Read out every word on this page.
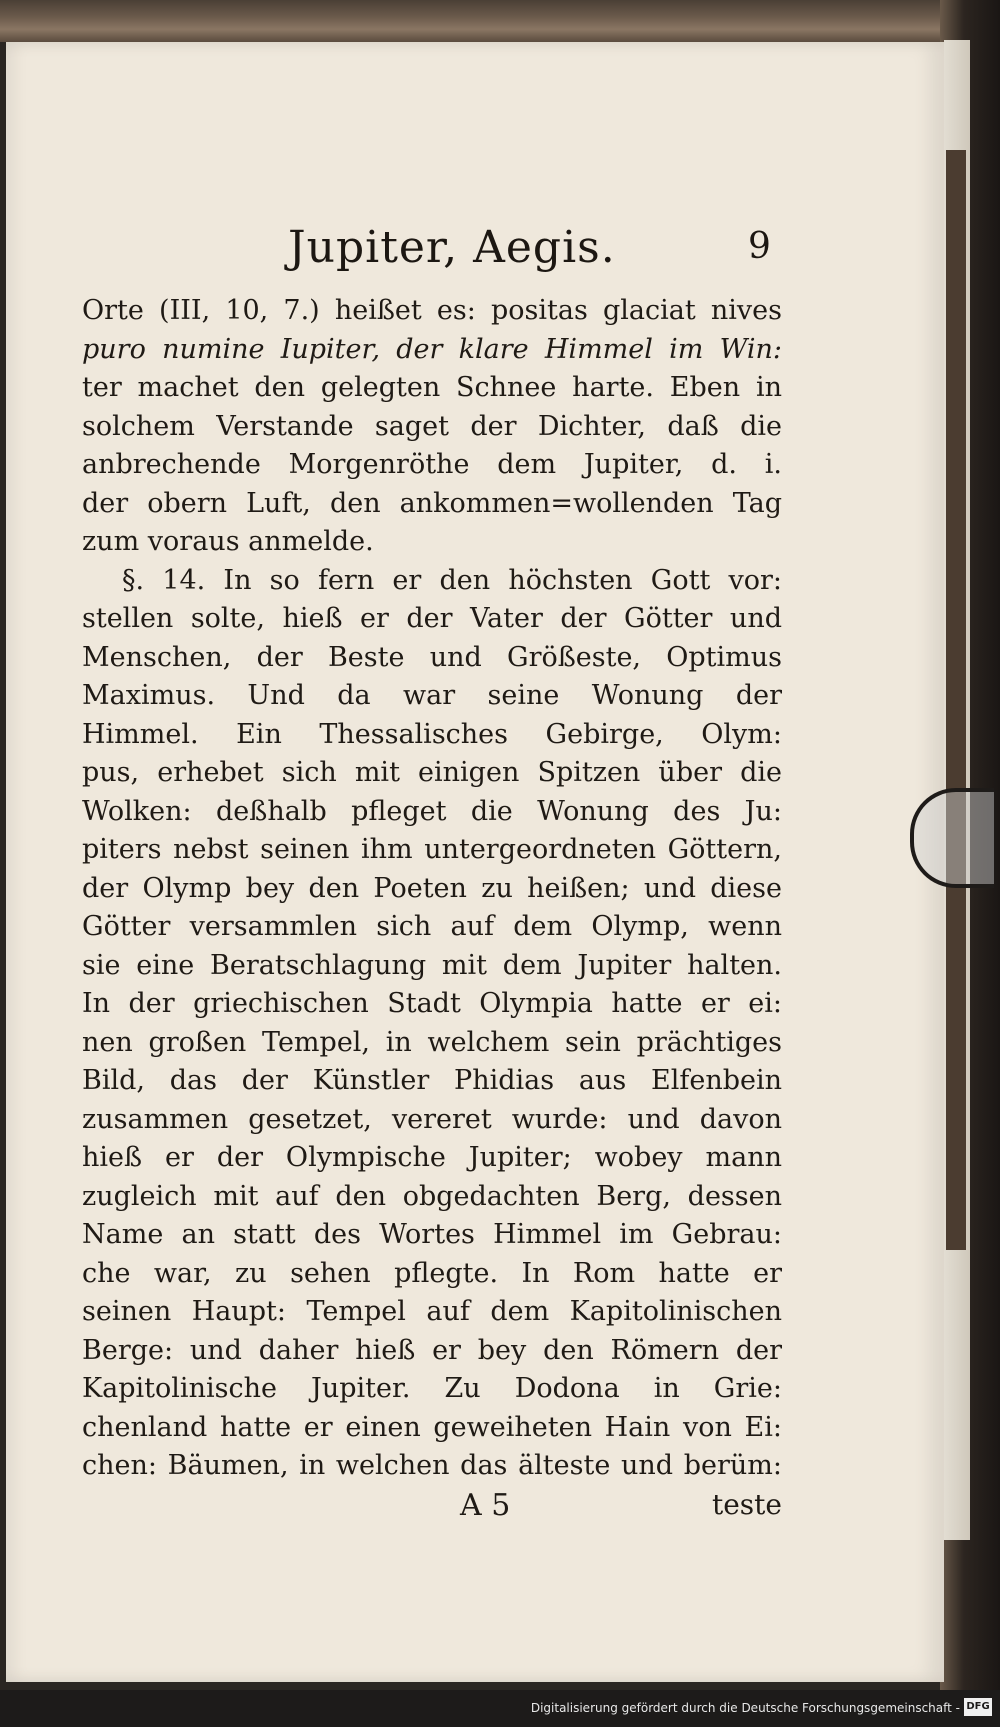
Jupiter, Aegis.	9
Orte (III, 10, 7.) heißet es: positas glaciat nives
puro numine Iupiter, der klare Himmel im Win:
ter machet den gelegten Schnee harte. Eben in
solchem Verstande saget der Dichter, daß die
anbrechende Morgenröthe dem Jupiter, d. i.
der obern Luft, den ankommen=wollenden Tag
zum voraus anmelde.
§. 14. In so fern er den höchsten Gott vor:
stellen solte, hieß er der Vater der Götter und
Menschen, der Beste und Größeste, Optimus
Maximus. Und da war seine Wonung der
Himmel. Ein Thessalisches Gebirge, Olym:
pus, erhebet sich mit einigen Spitzen über die
Wolken: deßhalb pfleget die Wonung des Ju:
piters nebst seinen ihm untergeordneten Göttern,
der Olymp bey den Poeten zu heißen; und diese
Götter versammlen sich auf dem Olymp, wenn
sie eine Beratschlagung mit dem Jupiter halten.
In der griechischen Stadt Olympia hatte er ei:
nen großen Tempel, in welchem sein prächtiges
Bild, das der Künstler Phidias aus Elfenbein
zusammen gesetzet, vereret wurde: und davon
hieß er der Olympische Jupiter; wobey mann
zugleich mit auf den obgedachten Berg, dessen
Name an statt des Wortes Himmel im Gebrau:
che war, zu sehen pflegte. In Rom hatte er
seinen Haupt: Tempel auf dem Kapitolinischen
Berge: und daher hieß er bey den Römern der
Kapitolinische Jupiter. Zu Dodona in Grie:
chenland hatte er einen geweiheten Hain von Ei:
chen: Bäumen, in welchen das älteste und berüm:
A 5	teste
Digitalisierung gefördert durch die Deutsche Forschungsgemeinschaft - DFG
